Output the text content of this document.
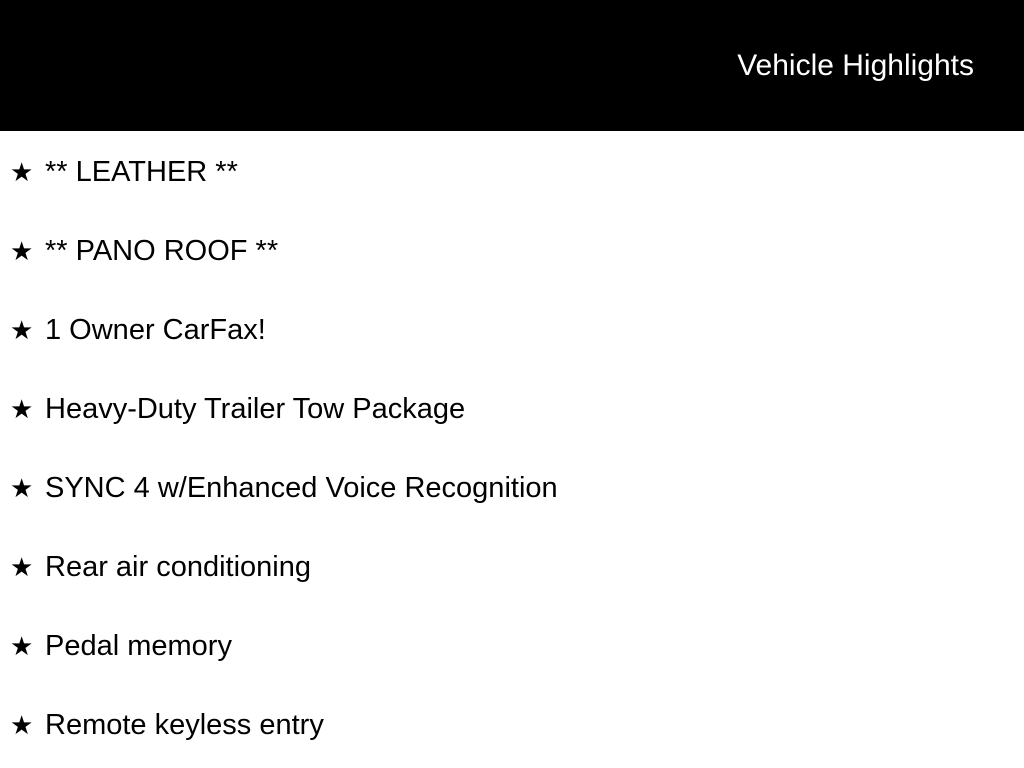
Vehicle Highlights
★ ** LEATHER **
★ ** PANO ROOF **
★ 1 Owner CarFax!
★ Heavy-Duty Trailer Tow Package
★ SYNC 4 w/Enhanced Voice Recognition
★ Rear air conditioning
★ Pedal memory
★ Remote keyless entry
